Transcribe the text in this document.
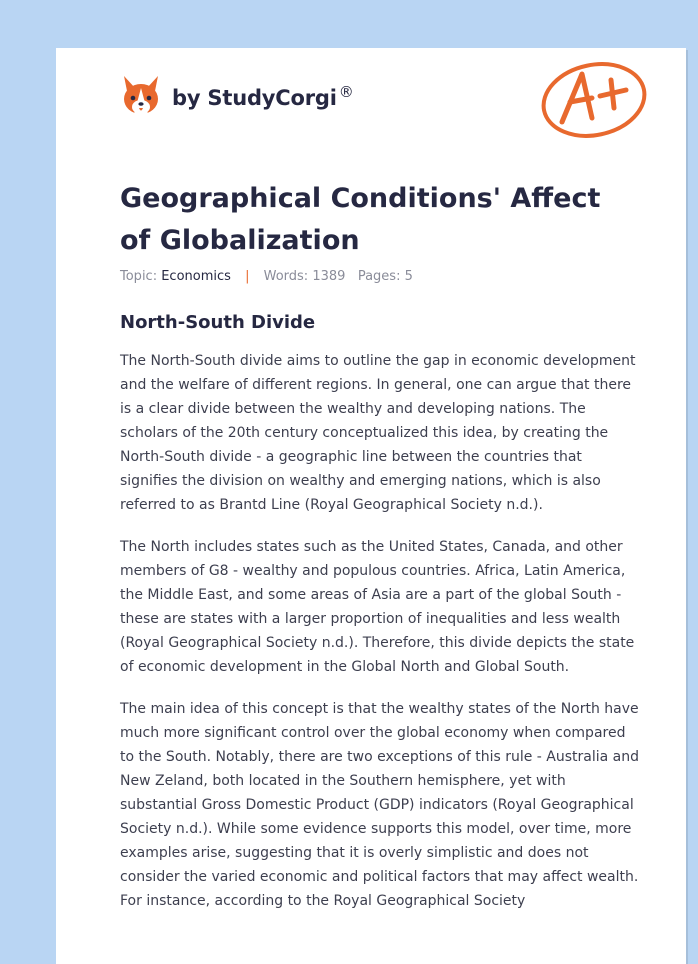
by StudyCorgi ®
Geographical Conditions' Affect of Globalization
Topic: Economics | Words: 1389 Pages: 5
North-South Divide

The North-South divide aims to outline the gap in economic development and the welfare of different regions. In general, one can argue that there is a clear divide between the wealthy and developing nations. The scholars of the 20th century conceptualized this idea, by creating the North-South divide - a geographic line between the countries that signifies the division on wealthy and emerging nations, which is also referred to as Brantd Line (Royal Geographical Society n.d.).

The North includes states such as the United States, Canada, and other members of G8 - wealthy and populous countries. Africa, Latin America, the Middle East, and some areas of Asia are a part of the global South - these are states with a larger proportion of inequalities and less wealth (Royal Geographical Society n.d.). Therefore, this divide depicts the state of economic development in the Global North and Global South.

The main idea of this concept is that the wealthy states of the North have much more significant control over the global economy when compared to the South. Notably, there are two exceptions of this rule - Australia and New Zeland, both located in the Southern hemisphere, yet with substantial Gross Domestic Product (GDP) indicators (Royal Geographical Society n.d.). While some evidence supports this model, over time, more examples arise, suggesting that it is overly simplistic and does not consider the varied economic and political factors that may affect wealth. For instance, according to the Royal Geographical Society
